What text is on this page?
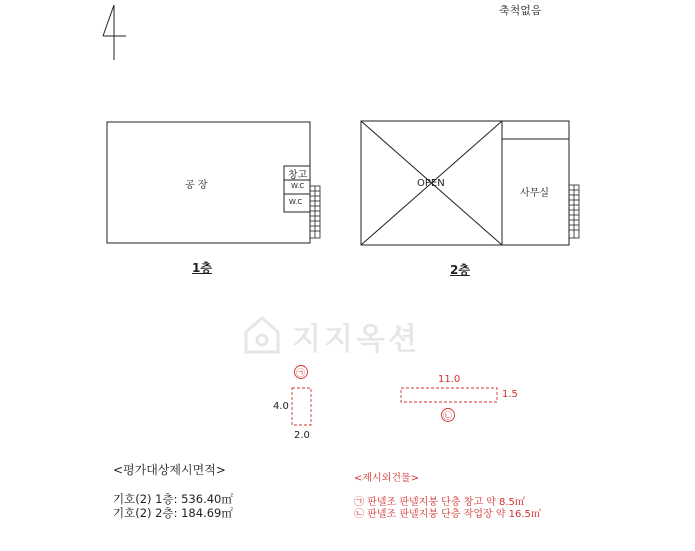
축척없음
공 장
창고
W.C
W.C
1층
OPEN
사무실
2층
지지옥션
㉠
4.0
2.0
11.0
1.5
㉡
<평가대상제시면적>
기호(2) 1층: 536.40㎡
기호(2) 2층: 184.69㎡
<제시외건물>
㉠ 판넬조 판넬지붕 단층 창고 약 8.5㎡
㉡ 판넬조 판넬지붕 단층 작업장 약 16.5㎡
